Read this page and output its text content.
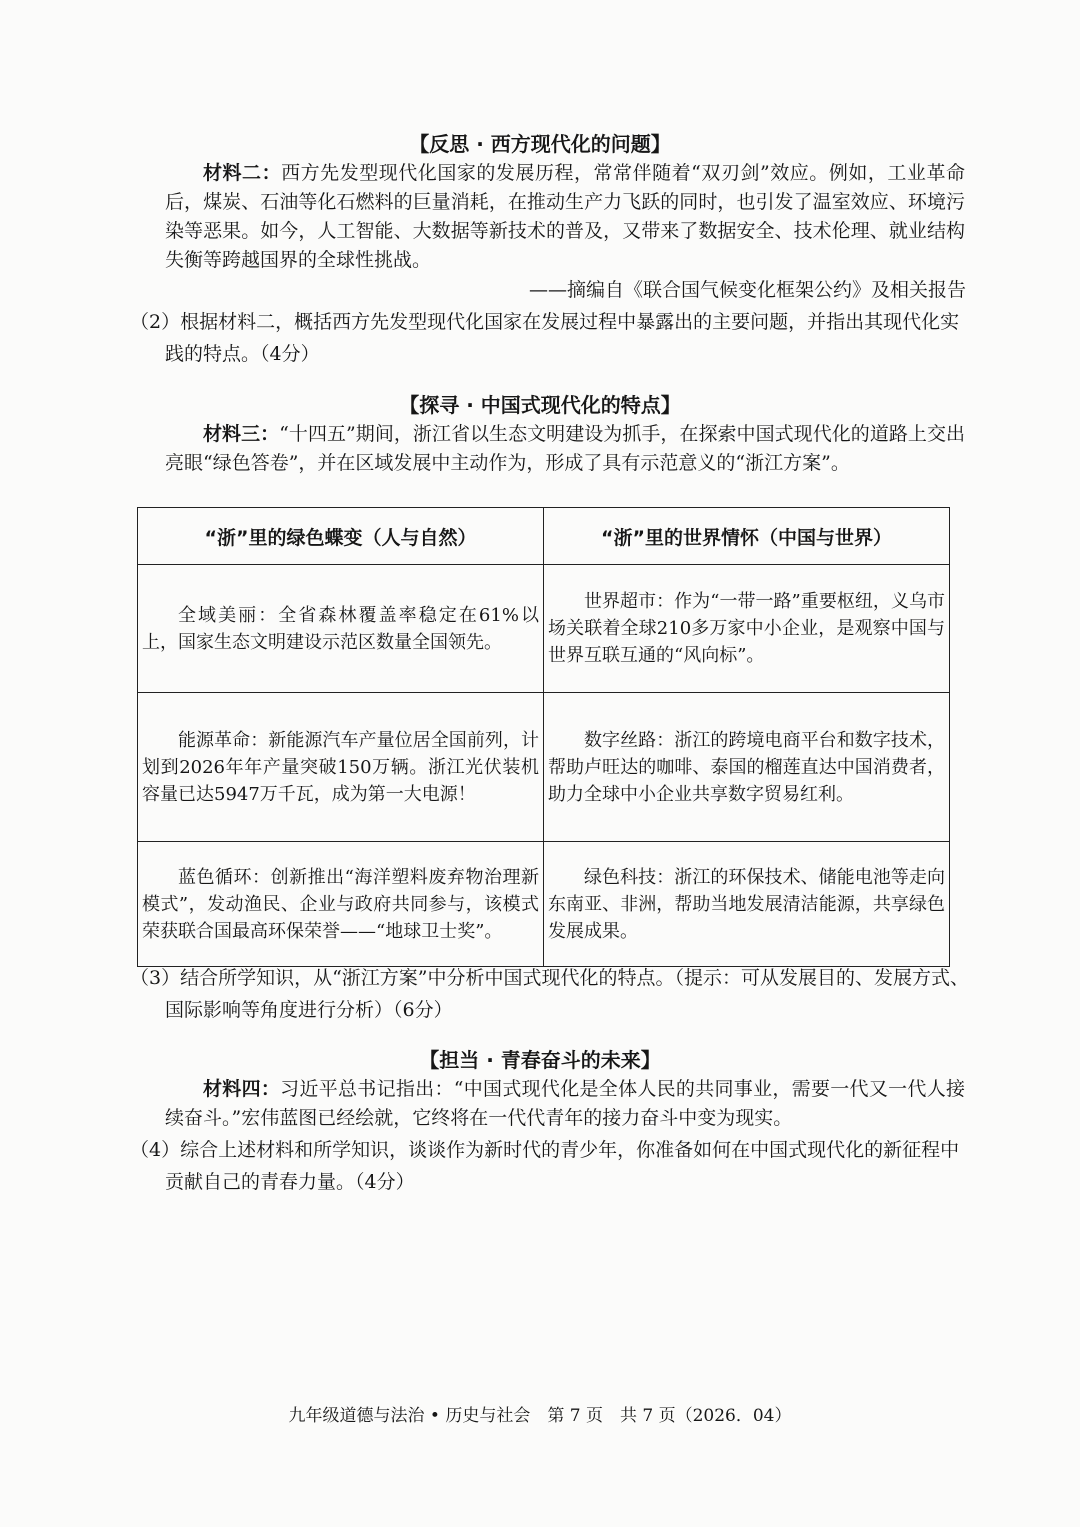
【反思 · 西方现代化的问题】

材料二：西方先发型现代化国家的发展历程，常常伴随着“双刃剑”效应。例如，工业革命后，煤炭、石油等化石燃料的巨量消耗，在推动生产力飞跃的同时，也引发了温室效应、环境污染等恶果。如今，人工智能、大数据等新技术的普及，又带来了数据安全、技术伦理、就业结构失衡等跨越国界的全球性挑战。

——摘编自《联合国气候变化框架公约》及相关报告
（2）根据材料二，概括西方先发型现代化国家在发展过程中暴露出的主要问题，并指出其现代化实践的特点。（4分）
【探寻 · 中国式现代化的特点】

材料三：“十四五”期间，浙江省以生态文明建设为抓手，在探索中国式现代化的道路上交出亮眼“绿色答卷”，并在区域发展中主动作为，形成了具有示范意义的“浙江方案”。

“浙”里的绿色蝶变（人与自然）	“浙”里的世界情怀（中国与世界）

全域美丽：全省森林覆盖率稳定在61%以上，国家生态文明建设示范区数量全国领先。	世界超市：作为“一带一路”重要枢纽，义乌市场关联着全球210多万家中小企业，是观察中国与世界互联互通的“风向标”。

能源革命：新能源汽车产量位居全国前列，计划到2026年年产量突破150万辆。浙江光伏装机容量已达5947万千瓦，成为第一大电源！	数字丝路：浙江的跨境电商平台和数字技术，帮助卢旺达的咖啡、泰国的榴莲直达中国消费者，助力全球中小企业共享数字贸易红利。

蓝色循环：创新推出“海洋塑料废弃物治理新模式”，发动渔民、企业与政府共同参与，该模式荣获联合国最高环保荣誉——“地球卫士奖”。	绿色科技：浙江的环保技术、储能电池等走向东南亚、非洲，帮助当地发展清洁能源，共享绿色发展成果。
（3）结合所学知识，从“浙江方案”中分析中国式现代化的特点。（提示：可从发展目的、发展方式、国际影响等角度进行分析）（6分）
【担当 · 青春奋斗的未来】

材料四：习近平总书记指出：“中国式现代化是全体人民的共同事业，需要一代又一代人接续奋斗。”宏伟蓝图已经绘就，它终将在一代代青年的接力奋斗中变为现实。

（4）综合上述材料和所学知识，谈谈作为新时代的青少年，你准备如何在中国式现代化的新征程中贡献自己的青春力量。（4分）
九年级道德与法治 • 历史与社会　第 7 页　共 7 页（2026．04）
